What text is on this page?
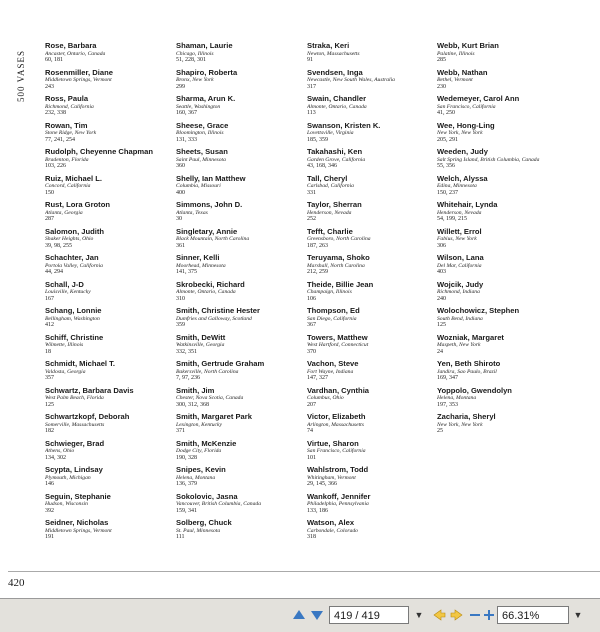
500 VASES
Rose, Barbara
Ancaster, Ontario, Canada
60, 181
Rosenmiller, Diane
Middletown Springs, Vermont
243
Ross, Paula
Richmond, California
232, 338
Rowan, Tim
Stone Ridge, New York
77, 241, 254
Rudolph, Cheyenne Chapman
Bradenton, Florida
103, 226
Ruiz, Michael L.
Concord, California
150
Rust, Lora Groton
Atlanta, Georgia
287
Salomon, Judith
Shaker Heights, Ohio
39, 98, 255
Schachter, Jan
Portola Valley, California
44, 294
Schall, J-D
Louisville, Kentucky
167
Schang, Lonnie
Bellingham, Washington
412
Schiff, Christine
Wilmette, Illinois
18
Schmidt, Michael T.
Valdosta, Georgia
357
Schwartz, Barbara Davis
West Palm Beach, Florida
125
Schwartzkopf, Deborah
Somerville, Massachusetts
182
Schwieger, Brad
Athens, Ohio
134, 302
Scypta, Lindsay
Plymouth, Michigan
146
Seguin, Stephanie
Hudson, Wisconsin
392
Seidner, Nicholas
Middletown Springs, Vermont
191
Shaman, Laurie
Chicago, Illinois
51, 228, 301
Shapiro, Roberta
Bronx, New York
299
Sharma, Arun K.
Seattle, Washington
160, 367
Sheese, Grace
Bloomington, Illinois
131, 333
Sheets, Susan
Saint Paul, Minnesota
360
Shelly, Ian Matthew
Columbia, Missouri
400
Simmons, John D.
Atlanta, Texas
30
Singletary, Annie
Black Mountain, North Carolina
361
Sinner, Kelli
Moorhead, Minnesota
141, 375
Skrobecki, Richard
Almonte, Ontario, Canada
310
Smith, Christine Hester
Dumfries and Galloway, Scotland
359
Smith, DeWitt
Watkinsville, Georgia
332, 351
Smith, Gertrude Graham
Bakersville, North Carolina
7, 97, 236
Smith, Jim
Chester, Nova Scotia, Canada
300, 312, 368
Smith, Margaret Park
Lexington, Kentucky
371
Smith, McKenzie
Dodge City, Florida
190, 328
Snipes, Kevin
Helena, Montana
136, 379
Sokolovic, Jasna
Vancouver, British Columbia, Canada
159, 341
Solberg, Chuck
St. Paul, Minnesota
111
Straka, Keri
Newton, Massachusetts
91
Svendsen, Inga
Newcastle, New South Wales, Australia
317
Swain, Chandler
Almonte, Ontario, Canada
113
Swanson, Kristen K.
Lovettsville, Virginia
185, 359
Takahashi, Ken
Garden Grove, California
43, 168, 346
Tall, Cheryl
Carlsbad, California
331
Taylor, Sherran
Henderson, Nevada
252
Tefft, Charlie
Greensboro, North Carolina
187, 263
Teruyama, Shoko
Marshall, North Carolina
212, 259
Theide, Billie Jean
Champaign, Illinois
106
Thompson, Ed
San Diego, California
367
Towers, Matthew
West Hartford, Connecticut
370
Vachon, Steve
Fort Wayne, Indiana
147, 327
Vardhan, Cynthia
Columbus, Ohio
207
Victor, Elizabeth
Arlington, Massachusetts
74
Virtue, Sharon
San Francisco, California
101
Wahlstrom, Todd
Whitingham, Vermont
29, 145, 366
Wankoff, Jennifer
Philadelphia, Pennsylvania
133, 186
Watson, Alex
Carbondale, Colorado
318
Webb, Kurt Brian
Palatine, Illinois
285
Webb, Nathan
Bethel, Vermont
230
Wedemeyer, Carol Ann
San Francisco, California
41, 250
Wee, Hong-Ling
New York, New York
205, 291
Weeden, Judy
Salt Spring Island, British Columbia, Canada
55, 356
Welch, Alyssa
Edina, Minnesota
150, 237
Whitehair, Lynda
Henderson, Nevada
54, 199, 215
Willett, Errol
Fabius, New York
306
Wilson, Lana
Del Mar, California
403
Wojcik, Judy
Richmond, Indiana
240
Wolochowicz, Stephen
South Bend, Indiana
125
Wozniak, Margaret
Maspeth, New York
24
Yen, Beth Shiroto
Jandira, Sao Paulo, Brazil
169, 347
Yoppolo, Gwendolyn
Helena, Montana
197, 353
Zacharia, Sheryl
New York, New York
25
420
419 / 419	▼	66.31%	▼
